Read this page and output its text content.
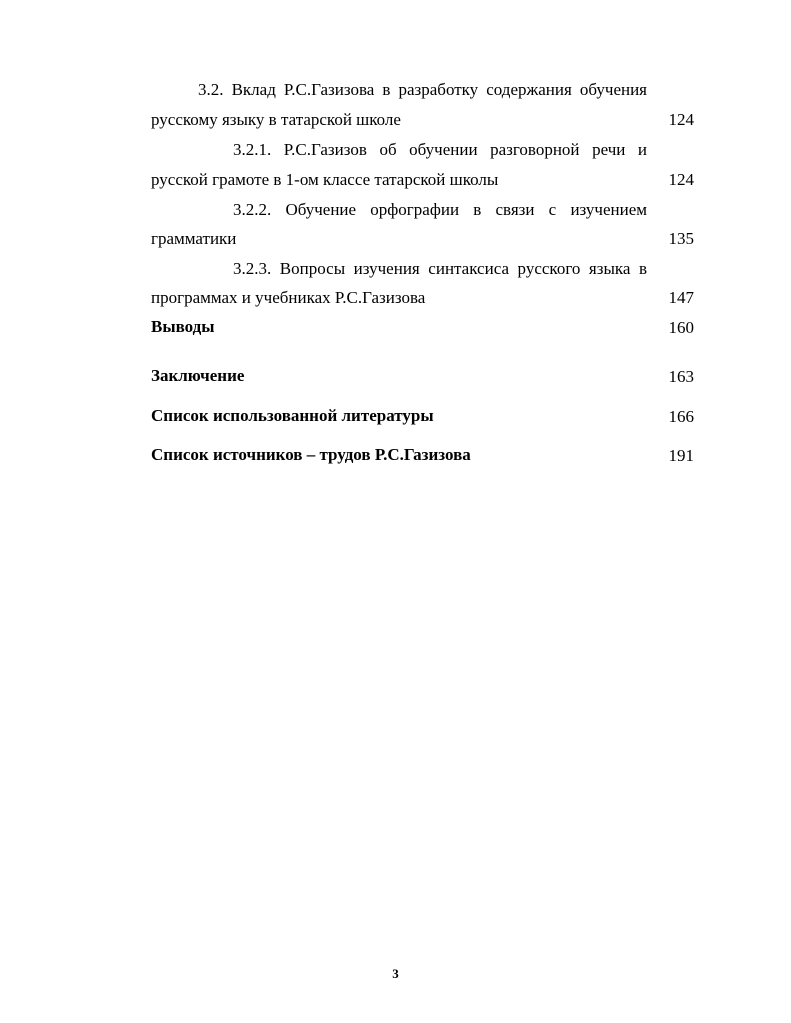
3.2. Вклад Р.С.Газизова в разработку содержания обучения
русскому языку в татарской школе	124
3.2.1. Р.С.Газизов об обучении разговорной речи и
русской грамоте в 1-ом классе татарской школы	124
3.2.2. Обучение орфографии в связи с изучением
грамматики	135
3.2.3. Вопросы изучения синтаксиса русского языка в
программах и учебниках Р.С.Газизова	147
Выводы	160
Заключение	163
Список использованной литературы	166
Список источников – трудов Р.С.Газизова	191
3
